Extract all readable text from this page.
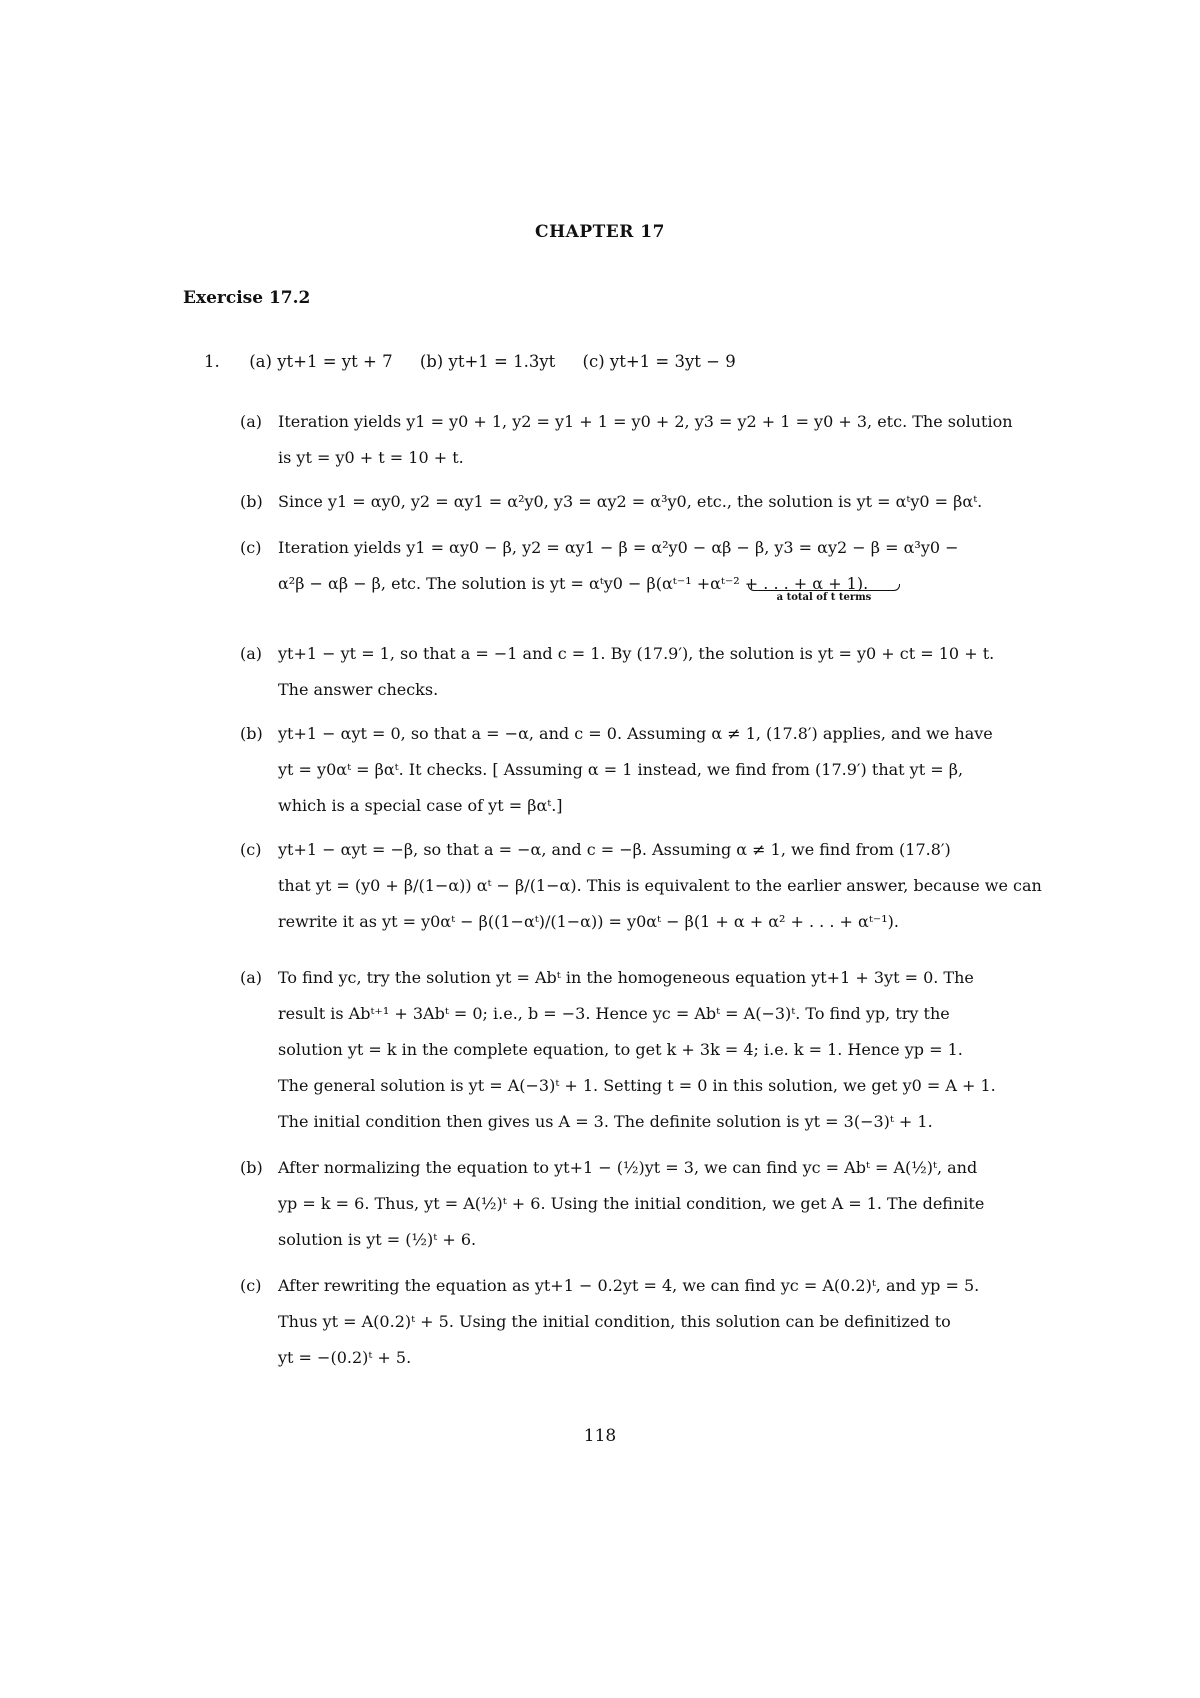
CHAPTER 17
Exercise 17.2
1. (a) yt+1 = yt + 7 (b) yt+1 = 1.3yt (c) yt+1 = 3yt − 9
(a) Iteration yields y1 = y0 + 1, y2 = y1 + 1 = y0 + 2, y3 = y2 + 1 = y0 + 3, etc. The solution
is yt = y0 + t = 10 + t.
(b) Since y1 = αy0, y2 = αy1 = α²y0, y3 = αy2 = α³y0, etc., the solution is yt = αᵗy0 = βαᵗ.
(c)	Iteration yields y1 = αy0 − β, y2 = αy1 − β = α²y0 − αβ − β, y3 = αy2 − β = α³y0 −
α²β − αβ − β, etc. The solution is yt = αᵗy0 − β(αᵗ⁻¹ +αᵗ⁻² + . . . + α + 1).
a total of t terms
(a) yt+1 − yt = 1, so that a = −1 and c = 1. By (17.9′), the solution is yt = y0 + ct = 10 + t.
The answer checks.
(b) yt+1 − αyt = 0, so that a = −α, and c = 0. Assuming α ≠ 1, (17.8′) applies, and we have
yt = y0αᵗ = βαᵗ. It checks. [ Assuming α = 1 instead, we find from (17.9′) that yt = β,
which is a special case of yt = βαᵗ.]
(c)	yt+1 − αyt = −β, so that a = −α, and c = −β. Assuming α ≠ 1, we find from (17.8′)
that yt = (y0 + β/(1−α)) αᵗ − β/(1−α). This is equivalent to the earlier answer, because we can
rewrite it as yt = y0αᵗ − β((1−αᵗ)/(1−α)) = y0αᵗ − β(1 + α + α² + . . . + αᵗ⁻¹).
(a) To find yc, try the solution yt = Abᵗ in the homogeneous equation yt+1 + 3yt = 0. The
result is Abᵗ⁺¹ + 3Abᵗ = 0; i.e., b = −3. Hence yc = Abᵗ = A(−3)ᵗ. To find yp, try the
solution yt = k in the complete equation, to get k + 3k = 4; i.e. k = 1. Hence yp = 1.
The general solution is yt = A(−3)ᵗ + 1. Setting t = 0 in this solution, we get y0 = A + 1.
The initial condition then gives us A = 3. The definite solution is yt = 3(−3)ᵗ + 1.
(b) After normalizing the equation to yt+1 − (½)yt = 3, we can find yc = Abᵗ = A(½)ᵗ, and
yp = k = 6. Thus, yt = A(½)ᵗ + 6. Using the initial condition, we get A = 1. The definite
solution is yt = (½)ᵗ + 6.
(c)	After rewriting the equation as yt+1 − 0.2yt = 4, we can find yc = A(0.2)ᵗ, and yp = 5.
Thus yt = A(0.2)ᵗ + 5. Using the initial condition, this solution can be definitized to
yt = −(0.2)ᵗ + 5.
118
